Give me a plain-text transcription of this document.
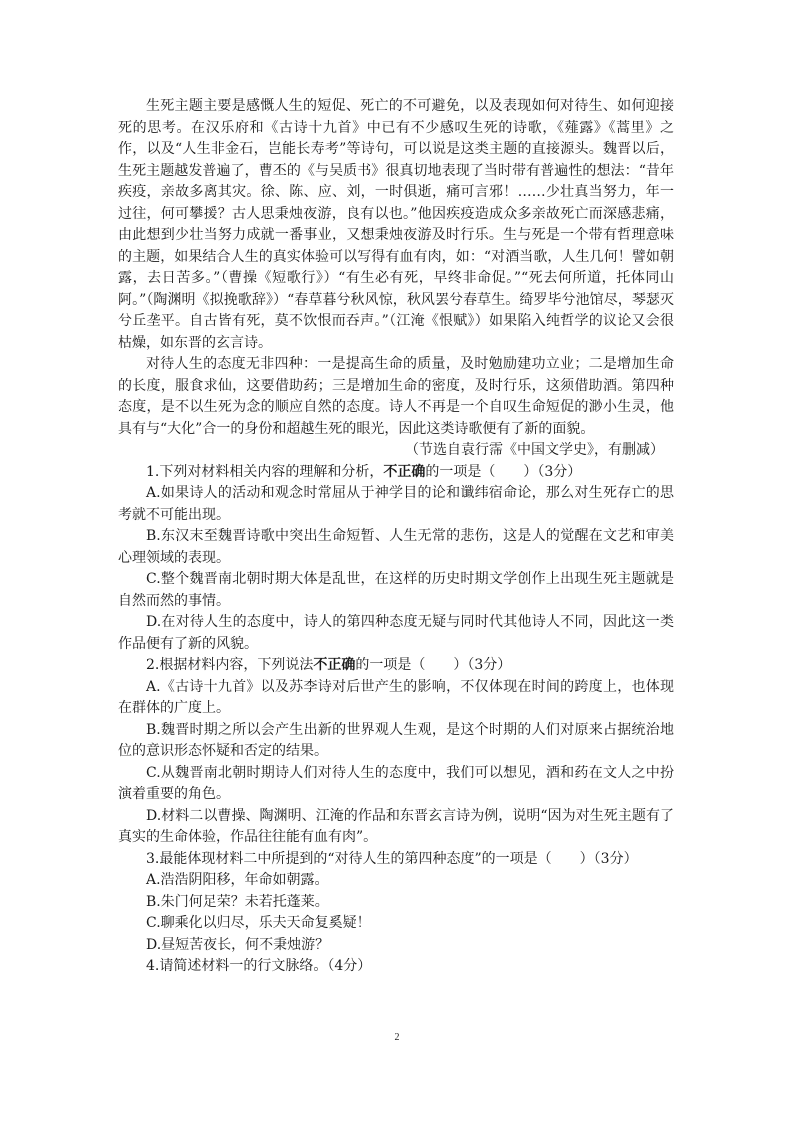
生死主题主要是感慨人生的短促、死亡的不可避免，以及表现如何对待生、如何迎接死的思考。在汉乐府和《古诗十九首》中已有不少感叹生死的诗歌，《薤露》《蒿里》之作，以及“人生非金石，岂能长寿考”等诗句，可以说是这类主题的直接源头。魏晋以后，生死主题越发普遍了，曹丕的《与吴质书》很真切地表现了当时带有普遍性的想法：“昔年疾疫，亲故多离其灾。徐、陈、应、刘，一时俱逝，痛可言邪！……少壮真当努力，年一过往，何可攀援？古人思秉烛夜游，良有以也。”他因疾疫造成众多亲故死亡而深感悲痛，由此想到少壮当努力成就一番事业，又想秉烛夜游及时行乐。生与死是一个带有哲理意味的主题，如果结合人生的真实体验可以写得有血有肉，如：“对酒当歌，人生几何！譬如朝露，去日苦多。”（曹操《短歌行》）“有生必有死，早终非命促。”“死去何所道，托体同山阿。”（陶渊明《拟挽歌辞》）“春草暮兮秋风惊，秋风罢兮春草生。绮罗毕兮池馆尽，琴瑟灭兮丘垄平。自古皆有死，莫不饮恨而吞声。”（江淹《恨赋》）如果陷入纯哲学的议论又会很枯燥，如东晋的玄言诗。

对待人生的态度无非四种：一是提高生命的质量，及时勉励建功立业；二是增加生命的长度，服食求仙，这要借助药；三是增加生命的密度，及时行乐，这须借助酒。第四种态度，是不以生死为念的顺应自然的态度。诗人不再是一个自叹生命短促的渺小生灵，他具有与“大化”合一的身份和超越生死的眼光，因此这类诗歌便有了新的面貌。

（节选自袁行霈《中国文学史》，有删减）

1.下列对材料相关内容的理解和分析，不正确的一项是（　　）（3分）

A.如果诗人的活动和观念时常屈从于神学目的论和谶纬宿命论，那么对生死存亡的思考就不可能出现。

B.东汉末至魏晋诗歌中突出生命短暂、人生无常的悲伤，这是人的觉醒在文艺和审美心理领域的表现。

C.整个魏晋南北朝时期大体是乱世，在这样的历史时期文学创作上出现生死主题就是自然而然的事情。

D.在对待人生的态度中，诗人的第四种态度无疑与同时代其他诗人不同，因此这一类作品便有了新的风貌。

2.根据材料内容，下列说法不正确的一项是（　　）（3分）

A.《古诗十九首》以及苏李诗对后世产生的影响，不仅体现在时间的跨度上，也体现在群体的广度上。

B.魏晋时期之所以会产生出新的世界观人生观，是这个时期的人们对原来占据统治地位的意识形态怀疑和否定的结果。

C.从魏晋南北朝时期诗人们对待人生的态度中，我们可以想见，酒和药在文人之中扮演着重要的角色。

D.材料二以曹操、陶渊明、江淹的作品和东晋玄言诗为例，说明“因为对生死主题有了真实的生命体验，作品往往能有血有肉”。

3.最能体现材料二中所提到的“对待人生的第四种态度”的一项是（　　）（3分）

A.浩浩阴阳移，年命如朝露。

B.朱门何足荣？未若托蓬莱。

C.聊乘化以归尽，乐夫天命复奚疑！

D.昼短苦夜长，何不秉烛游？

4.请简述材料一的行文脉络。（4分）

2
